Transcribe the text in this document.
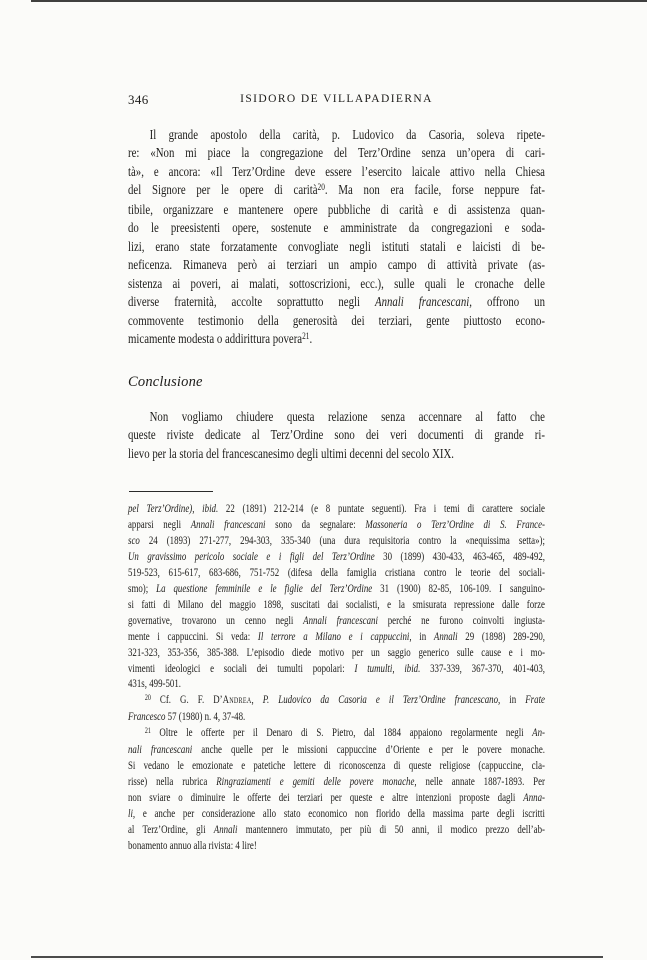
346	ISIDORO DE VILLAPADIERNA
Il grande apostolo della carità, p. Ludovico da Casoria, soleva ripete-
re: «Non mi piace la congregazione del Terz’Ordine senza un’opera di cari-
tà», e ancora: «Il Terz’Ordine deve essere l’esercito laicale attivo nella Chiesa
del Signore per le opere di carità$^{20}$. Ma non era facile, forse neppure fat-
tibile, organizzare e mantenere opere pubbliche di carità e di assistenza quan-
do le preesistenti opere, sostenute e amministrate da congregazioni e soda-
lizi, erano state forzatamente convogliate negli istituti statali e laicisti di be-
neficenza. Rimaneva però ai terziari un ampio campo di attività private (as-
sistenza ai poveri, ai malati, sottoscrizioni, ecc.), sulle quali le cronache delle
diverse fraternità, accolte soprattutto negli Annali francescani, offrono un
commovente testimonio della generosità dei terziari, gente piuttosto econo-
micamente modesta o addirittura povera$^{21}$.
Conclusione
Non vogliamo chiudere questa relazione senza accennare al fatto che
queste riviste dedicate al Terz’Ordine sono dei veri documenti di grande ri-
lievo per la storia del francescanesimo degli ultimi decenni del secolo XIX.
pel Terz’Ordine), ibid. 22 (1891) 212-214 (e 8 puntate seguenti). Fra i temi di carattere sociale
apparsi negli Annali francescani sono da segnalare: Massoneria o Terz’Ordine di S. France-
sco 24 (1893) 271-277, 294-303, 335-340 (una dura requisitoria contro la «nequissima setta»);
Un gravissimo pericolo sociale e i figli del Terz’Ordine 30 (1899) 430-433, 463-465, 489-492,
519-523, 615-617, 683-686, 751-752 (difesa della famiglia cristiana contro le teorie del sociali-
smo); La questione femminile e le figlie del Terz’Ordine 31 (1900) 82-85, 106-109. I sanguino-
si fatti di Milano del maggio 1898, suscitati dai socialisti, e la smisurata repressione dalle forze
governative, trovarono un cenno negli Annali francescani perché ne furono coinvolti ingiusta-
mente i cappuccini. Si veda: Il terrore a Milano e i cappuccini, in Annali 29 (1898) 289-290,
321-323, 353-356, 385-388. L’episodio diede motivo per un saggio generico sulle cause e i mo-
vimenti ideologici e sociali dei tumulti popolari: I tumulti, ibid. 337-339, 367-370, 401-403,
431s, 499-501.
$^{20}$ Cf. G. F. D’Andrea, P. Ludovico da Casoria e il Terz’Ordine francescano, in Frate
Francesco 57 (1980) n. 4, 37-48.
$^{21}$ Oltre le offerte per il Denaro di S. Pietro, dal 1884 appaiono regolarmente negli An-
nali francescani anche quelle per le missioni cappuccine d’Oriente e per le povere monache.
Si vedano le emozionate e patetiche lettere di riconoscenza di queste religiose (cappuccine, cla-
risse) nella rubrica Ringraziamenti e gemiti delle povere monache, nelle annate 1887-1893. Per
non sviare o diminuire le offerte dei terziari per queste e altre intenzioni proposte dagli Anna-
li, e anche per considerazione allo stato economico non florido della massima parte degli iscritti
al Terz’Ordine, gli Annali mantennero immutato, per più di 50 anni, il modico prezzo dell’ab-
bonamento annuo alla rivista: 4 lire!
